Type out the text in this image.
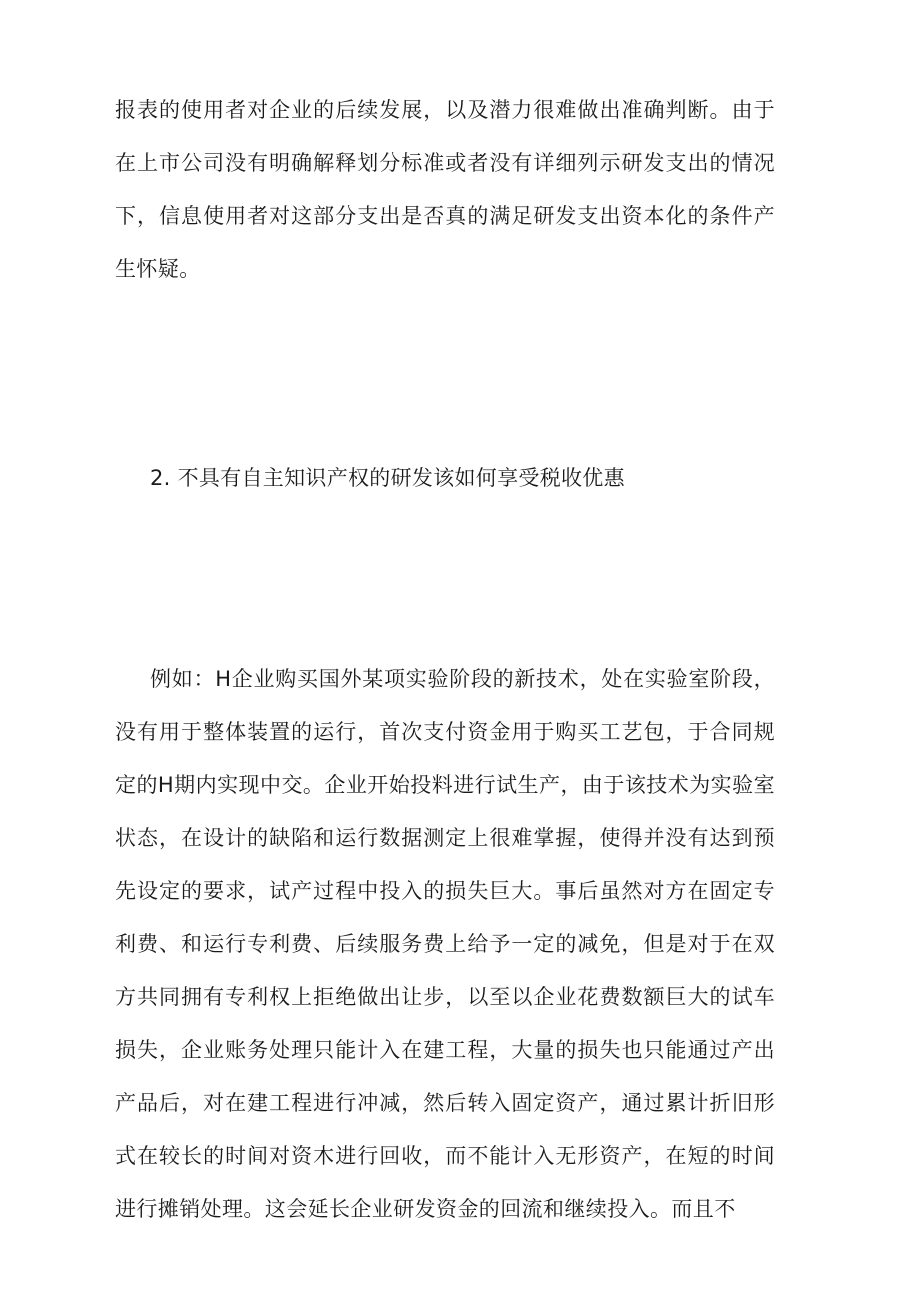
报表的使用者对企业的后续发展，以及潜力很难做出准确判断。由于在上市公司没有明确解释划分标准或者没有详细列示研发支出的情况下，信息使用者对这部分支出是否真的满足研发支出资本化的条件产生怀疑。

2. 不具有自主知识产权的研发该如何享受税收优惠

例如：H企业购买国外某项实验阶段的新技术，处在实验室阶段，没有用于整体装置的运行，首次支付资金用于购买工艺包，于合同规定的H期内实现中交。企业开始投料进行试生产，由于该技术为实验室状态，在设计的缺陷和运行数据测定上很难掌握，使得并没有达到预先设定的要求，试产过程中投入的损失巨大。事后虽然对方在固定专利费、和运行专利费、后续服务费上给予一定的减免，但是对于在双方共同拥有专利权上拒绝做出让步，以至以企业花费数额巨大的试车损失，企业账务处理只能计入在建工程，大量的损失也只能通过产出产品后，对在建工程进行冲减，然后转入固定资产，通过累计折旧形式在较长的时间对资木进行回收，而不能计入无形资产，在短的时间进行摊销处理。这会延长企业研发资金的回流和继续投入。而且不
